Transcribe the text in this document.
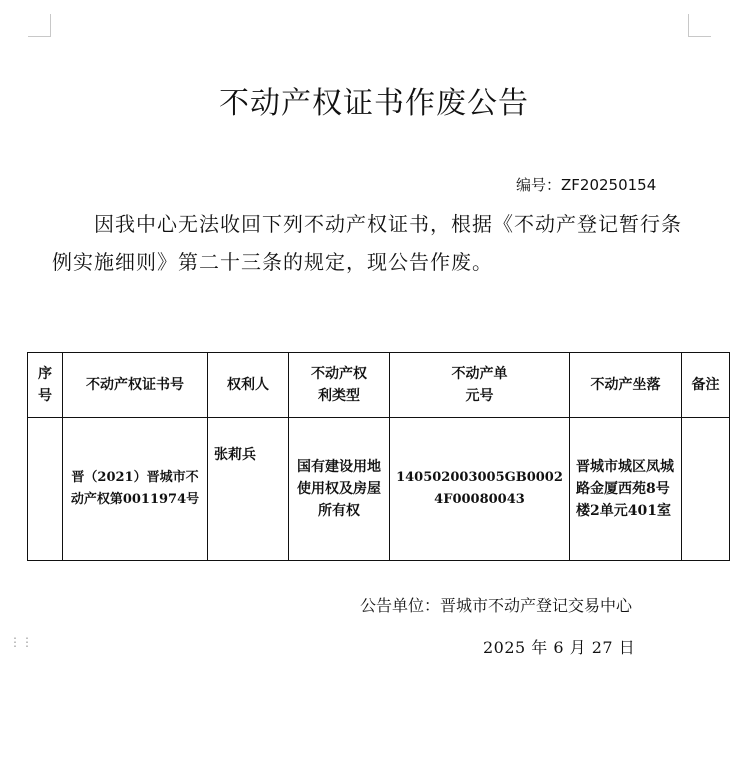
不动产权证书作废公告
编号：ZF20250154
因我中心无法收回下列不动产权证书，根据《不动产登记暂行条例实施细则》第二十三条的规定，现公告作废。
序号	不动产权证书号	权利人	不动产权利类型	不动产单元号	不动产坐落	备注
	晋（2021）晋城市不动产权第0011974号	张莉兵	国有建设用地使用权及房屋所有权	140502003005GB00024F00080043	晋城市城区凤城路金厦西苑8号楼2单元401室	
公告单位：晋城市不动产登记交易中心
2025 年 6 月 27 日
⋮⋮
